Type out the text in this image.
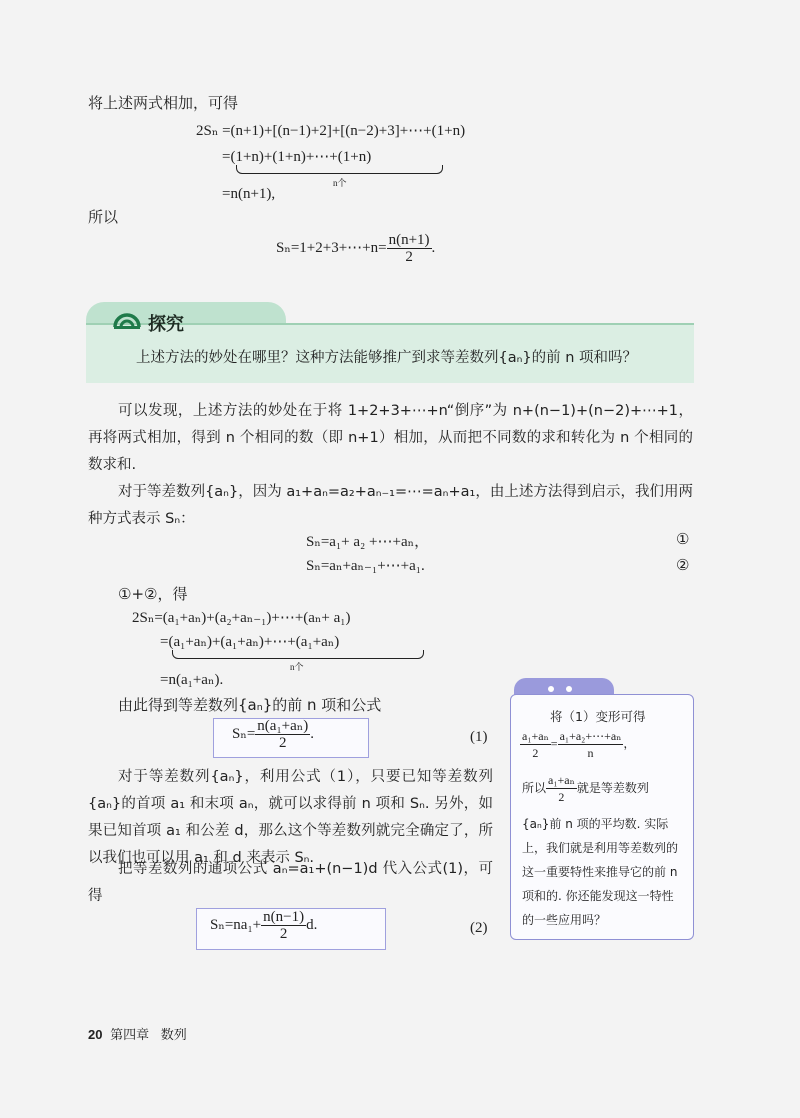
将上述两式相加，可得
2Sₙ =(n+1)+[(n−1)+2]+[(n−2)+3]+⋯+(1+n)
=(1+n)+(1+n)+⋯+(1+n)
n个
=n(n+1),
所以
Sₙ=1+2+3+⋯+n= $\frac{n(n+1)}{2}$ .
探究
上述方法的妙处在哪里？这种方法能够推广到求等差数列{aₙ}的前 n 项和吗？
可以发现，上述方法的妙处在于将 1+2+3+⋯+n“倒序”为 n+(n−1)+(n−2)+⋯+1，再将两式相加，得到 n 个相同的数（即 n+1）相加，从而把不同数的求和转化为 n 个相同的数求和.
对于等差数列{aₙ}，因为 a₁+aₙ=a₂+aₙ₋₁=⋯=aₙ+a₁，由上述方法得到启示，我们用两种方式表示 Sₙ：
Sₙ=a₁+ a₂ +⋯+aₙ，	①
Sₙ=aₙ+aₙ₋₁+⋯+a₁.	②
①+②，得
2Sₙ=(a₁+aₙ)+(a₂+aₙ₋₁)+⋯+(aₙ+ a₁)
=(a₁+aₙ)+(a₁+aₙ)+⋯+(a₁+aₙ)
n个
=n(a₁+aₙ).
由此得到等差数列{aₙ}的前 n 项和公式
$S_n= \frac{\text{n(a₁+aₙ)}}{2}$ .	(1)
对于等差数列{aₙ}，利用公式（1），只要已知等差数列{aₙ}的首项 a₁ 和末项 aₙ，就可以求得前 n 项和 Sₙ. 另外，如果已知首项 a₁ 和公差 d，那么这个等差数列就完全确定了，所以我们也可以用 a₁ 和 d 来表示 Sₙ.
把等差数列的通项公式 aₙ=a₁+(n−1)d 代入公式(1)，可得
$S_n=na_1+ \frac{n(n-1)}{2} d$.	(2)
将（1）变形可得
$\frac{\text{a₁+aₙ}}{2} = \frac{\text{a₁+a₂+⋯+aₙ}}{n}$ ，
所以 $\frac{\text{a₁+aₙ}}{2}$ 就是等差数列
{aₙ}前 n 项的平均数. 实际上，我们就是利用等差数列的这一重要特性来推导它的前 n 项和的. 你还能发现这一特性的一些应用吗？
20 第四章 数列
